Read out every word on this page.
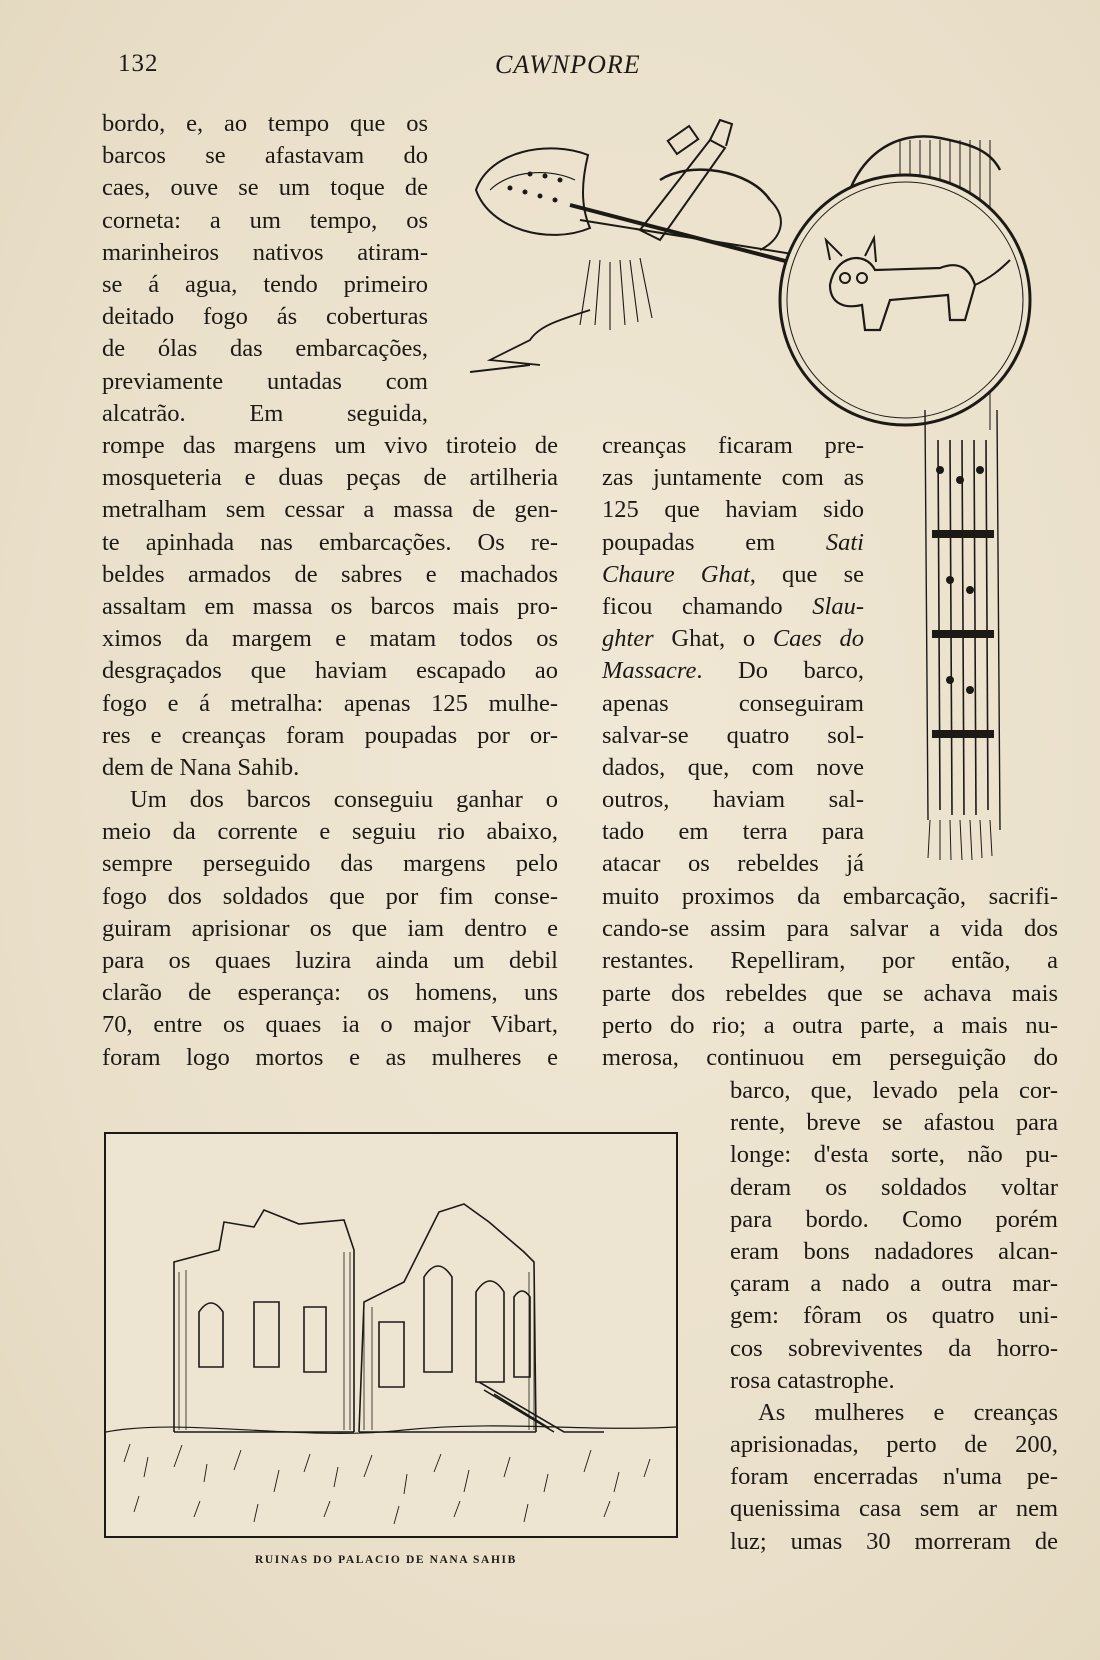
132	CAWNPORE
bordo, e, ao tempo que os
barcos se afastavam do
caes, ouve se um toque de
corneta: a um tempo, os
marinheiros nativos atiram-
se á agua, tendo primeiro
deitado fogo ás coberturas
de ólas das embarcações,
previamente untadas com
alcatrão. Em seguida,
rompe das margens um vivo tiroteio de
mosqueteria e duas peças de artilheria
metralham sem cessar a massa de gen-
te apinhada nas embarcações. Os re-
beldes armados de sabres e machados
assaltam em massa os barcos mais pro-
ximos da margem e matam todos os
desgraçados que haviam escapado ao
fogo e á metralha: apenas 125 mulhe-
res e creanças foram poupadas por or-
dem de Nana Sahib.
Um dos barcos conseguiu ganhar o
meio da corrente e seguiu rio abaixo,
sempre perseguido das margens pelo
fogo dos soldados que por fim conse-
guiram aprisionar os que iam dentro e
para os quaes luzira ainda um debil
clarão de esperança: os homens, uns
70, entre os quaes ia o major Vibart,
foram logo mortos e as mulheres e
creanças ficaram pre-
zas juntamente com as
125 que haviam sido
poupadas em Sati
Chaure Ghat, que se
ficou chamando Slau-
ghter Ghat, o Caes do
Massacre. Do barco,
apenas conseguiram
salvar-se quatro sol-
dados, que, com nove
outros, haviam sal-
tado em terra para
atacar os rebeldes já
muito proximos da embarcação, sacrifi-
cando-se assim para salvar a vida dos
restantes. Repelliram, por então, a
parte dos rebeldes que se achava mais
perto do rio; a outra parte, a mais nu-
merosa, continuou em perseguição do
barco, que, levado pela cor-
rente, breve se afastou para
longe: d'esta sorte, não pu-
deram os soldados voltar
para bordo. Como porém
eram bons nadadores alcan-
çaram a nado a outra mar-
gem: fôram os quatro uni-
cos sobreviventes da horro-
rosa catastrophe.
As mulheres e creanças
aprisionadas, perto de 200,
foram encerradas n'uma pe-
quenissima casa sem ar nem
luz; umas 30 morreram de
RUINAS DO PALACIO DE NANA SAHIB
